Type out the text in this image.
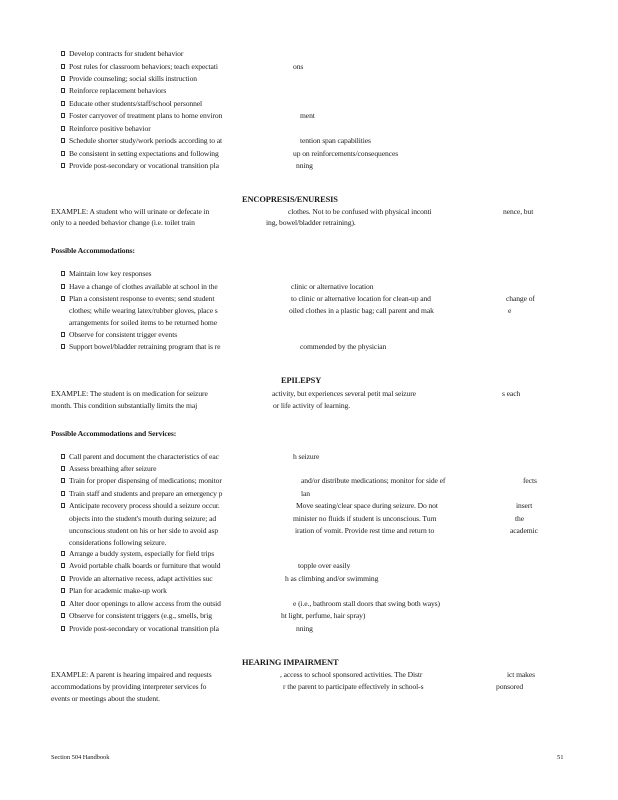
Develop contracts for student behavior
Post rules for classroom behaviors; teach expectati	ons
Provide counseling; social skills instruction
Reinforce replacement behaviors
Educate other students/staff/school personnel
Foster carryover of treatment plans to home environ	ment
Reinforce positive behavior
Schedule shorter study/work periods according to at	tention span capabilities
Be consistent in setting expectations and following	up on reinforcements/consequences
Provide post-secondary or vocational transition pla	nning
ENCOPRESIS/ENURESIS
EXAMPLE: A student who will urinate or defecate in	clothes. Not to be confused with physical inconti	nence, but
only to a needed behavior change (i.e. toilet train	ing, bowel/bladder retraining).
Possible Accommodations:
Maintain low key responses
Have a change of clothes available at school in the	clinic or alternative location
Plan a consistent response to events; send student	to clinic or alternative location for clean-up and	change of
clothes; while wearing latex/rubber gloves, place s	oiled clothes in a plastic bag; call parent and mak	e
arrangements for soiled items to be returned home
Observe for consistent trigger events
Support bowel/bladder retraining program that is re	commended by the physician
EPILEPSY
EXAMPLE: The student is on medication for seizure	activity, but experiences several petit mal seizure	s each
month. This condition substantially limits the maj	or life activity of learning.
Possible Accommodations and Services:
Call parent and document the characteristics of eac	h seizure
Assess breathing after seizure
Train for proper dispensing of medications; monitor	and/or distribute medications; monitor for side ef	fects
Train staff and students and prepare an emergency p	lan
Anticipate recovery process should a seizure occur.	Move seating/clear space during seizure. Do not	insert
objects into the student's mouth during seizure; ad	minister no fluids if student is unconscious. Turn	the
unconscious student on his or her side to avoid asp	iration of vomit. Provide rest time and return to	academic
considerations following seizure.
Arrange a buddy system, especially for field trips
Avoid portable chalk boards or furniture that would	topple over easily
Provide an alternative recess, adapt activities suc	h as climbing and/or swimming
Plan for academic make-up work
Alter door openings to allow access from the outsid	e (i.e., bathroom stall doors that swing both ways)
Observe for consistent triggers (e.g., smells, brig	ht light, perfume, hair spray)
Provide post-secondary or vocational transition pla	nning
HEARING IMPAIRMENT
EXAMPLE: A parent is hearing impaired and requests	, access to school sponsored activities. The Distr	ict makes
accommodations by providing interpreter services fo	r the parent to participate effectively in school-s	ponsored
events or meetings about the student.
Section 504 Handbook	51
